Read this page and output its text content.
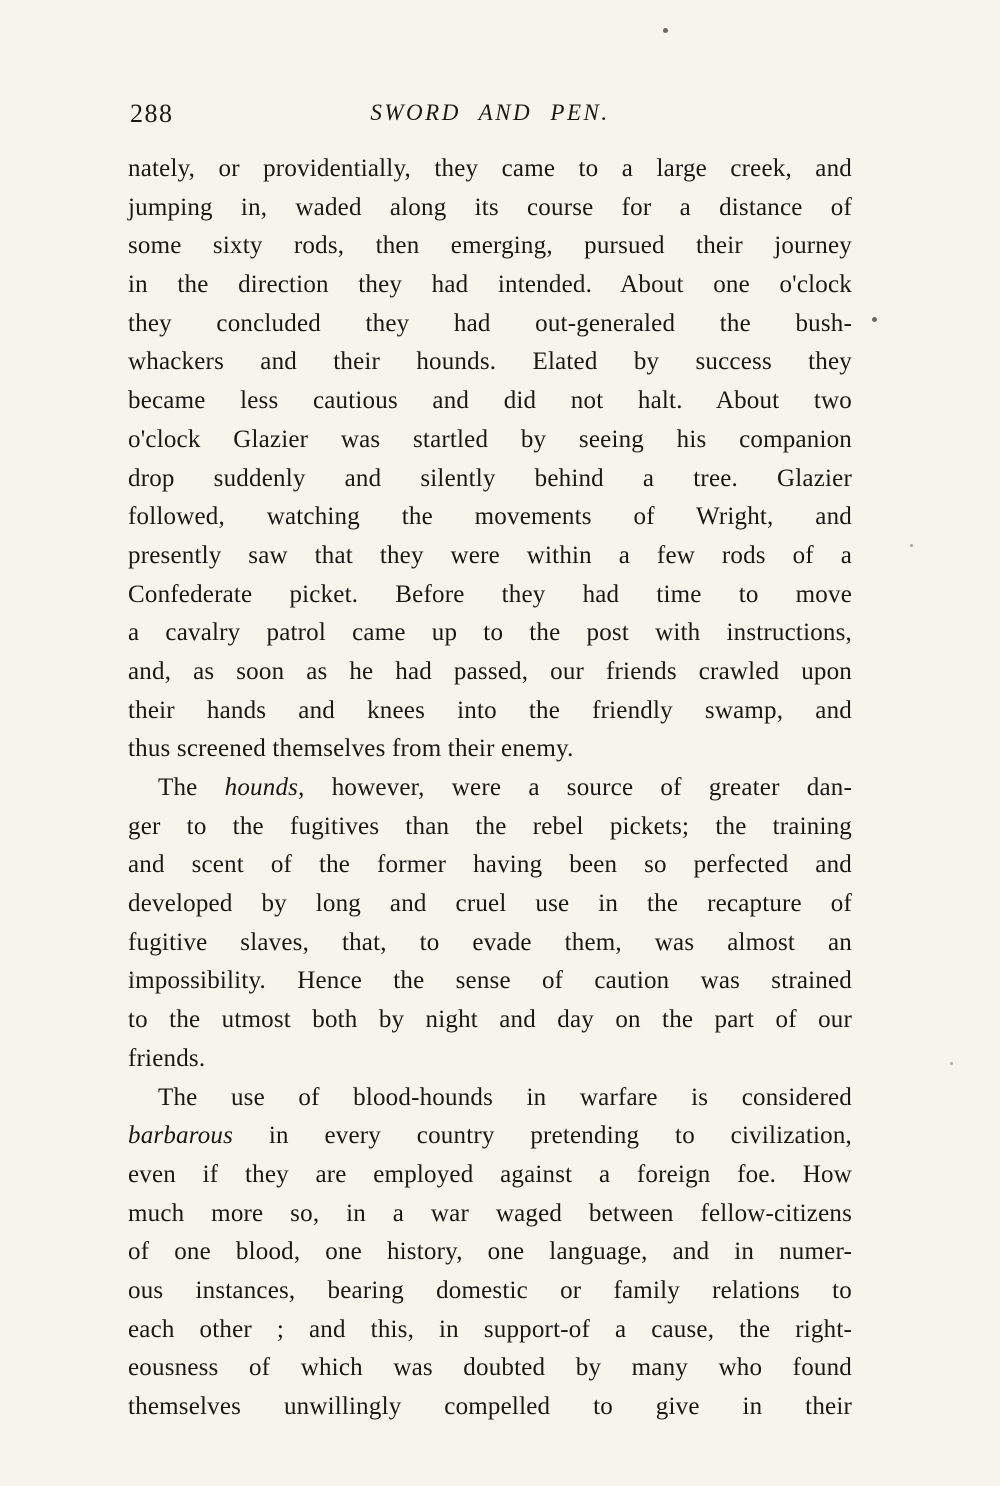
288	SWORD AND PEN.
nately, or providentially, they came to a large creek, and
jumping in, waded along its course for a distance of
some sixty rods, then emerging, pursued their journey
in the direction they had intended. About one o'clock
they concluded they had out-generaled the bush-
whackers and their hounds. Elated by success they
became less cautious and did not halt. About two
o'clock Glazier was startled by seeing his companion
drop suddenly and silently behind a tree. Glazier
followed, watching the movements of Wright, and
presently saw that they were within a few rods of a
Confederate picket. Before they had time to move
a cavalry patrol came up to the post with instructions,
and, as soon as he had passed, our friends crawled upon
their hands and knees into the friendly swamp, and
thus screened themselves from their enemy.
The hounds, however, were a source of greater dan-
ger to the fugitives than the rebel pickets; the training
and scent of the former having been so perfected and
developed by long and cruel use in the recapture of
fugitive slaves, that, to evade them, was almost an
impossibility. Hence the sense of caution was strained
to the utmost both by night and day on the part of our
friends.
The use of blood-hounds in warfare is considered
barbarous in every country pretending to civilization,
even if they are employed against a foreign foe. How
much more so, in a war waged between fellow-citizens
of one blood, one history, one language, and in numer-
ous instances, bearing domestic or family relations to
each other ; and this, in support-of a cause, the right-
eousness of which was doubted by many who found
themselves unwillingly compelled to give in their
